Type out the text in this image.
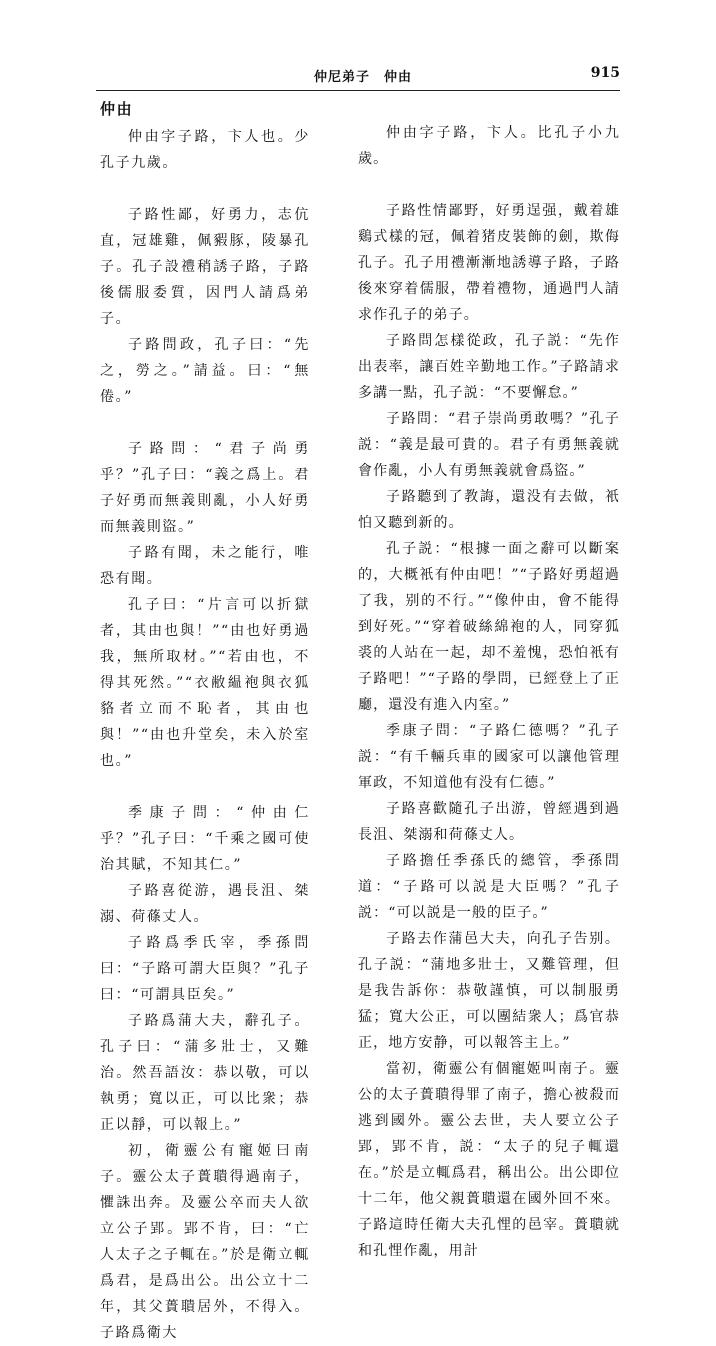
仲尼弟子　仲由	915
仲由

仲由字子路，卞人也。少孔子九歲。

子路性鄙，好勇力，志伉直，冠雄雞，佩豭豚，陵暴孔子。孔子設禮稍誘子路，子路後儒服委質，因門人請爲弟子。

子路問政，孔子曰：“先之，勞之。”請益。曰：“無倦。”

子路問：“君子尚勇乎？”孔子曰：“義之爲上。君子好勇而無義則亂，小人好勇而無義則盜。”

子路有聞，未之能行，唯恐有聞。

孔子曰：“片言可以折獄者，其由也與！”“由也好勇過我，無所取材。”“若由也，不得其死然。”“衣敝緼袍與衣狐貉者立而不恥者，其由也與！”“由也升堂矣，未入於室也。”

季康子問：“仲由仁乎？”孔子曰：“千乘之國可使治其賦，不知其仁。”

子路喜從游，遇長沮、桀溺、荷蓧丈人。

子路爲季氏宰，季孫問曰：“子路可謂大臣與？”孔子曰：“可謂具臣矣。”

子路爲蒲大夫，辭孔子。孔子曰：“蒲多壯士，又難治。然吾語汝：恭以敬，可以執勇；寬以正，可以比衆；恭正以靜，可以報上。”

初，衛靈公有寵姬曰南子。靈公太子蕢聵得過南子，懼誅出奔。及靈公卒而夫人欲立公子郢。郢不肯，曰：“亡人太子之子輒在。”於是衛立輒爲君，是爲出公。出公立十二年，其父蕢聵居外，不得入。子路爲衛大

仲由字子路，卞人。比孔子小九歲。

子路性情鄙野，好勇逞强，戴着雄鷄式樣的冠，佩着猪皮裝飾的劍，欺侮孔子。孔子用禮漸漸地誘導子路，子路後來穿着儒服，帶着禮物，通過門人請求作孔子的弟子。

子路問怎樣從政，孔子説：“先作出表率，讓百姓辛勤地工作。”子路請求多講一點，孔子説：“不要懈怠。”

子路問：“君子崇尚勇敢嗎？”孔子説：“義是最可貴的。君子有勇無義就會作亂，小人有勇無義就會爲盜。”

子路聽到了教誨，還没有去做，衹怕又聽到新的。

孔子説：“根據一面之辭可以斷案的，大概衹有仲由吧！”“子路好勇超過了我，别的不行。”“像仲由，會不能得到好死。”“穿着破絲綿袍的人，同穿狐裘的人站在一起，却不羞愧，恐怕衹有子路吧！”“子路的學問，已經登上了正廳，還没有進入内室。”

季康子問：“子路仁德嗎？”孔子説：“有千輛兵車的國家可以讓他管理軍政，不知道他有没有仁德。”

子路喜歡隨孔子出游，曾經遇到過長沮、桀溺和荷蓧丈人。

子路擔任季孫氏的總管，季孫問道：“子路可以説是大臣嗎？”孔子説：“可以説是一般的臣子。”

子路去作蒲邑大夫，向孔子告别。孔子説：“蒲地多壯士，又難管理，但是我告訴你：恭敬謹慎，可以制服勇猛；寬大公正，可以團結衆人；爲官恭正，地方安静，可以報答主上。”

當初，衛靈公有個寵姬叫南子。靈公的太子蕢聵得罪了南子，擔心被殺而逃到國外。靈公去世，夫人要立公子郢，郢不肯，説：“太子的兒子輒還在。”於是立輒爲君，稱出公。出公即位十二年，他父親蕢聵還在國外回不來。子路這時任衛大夫孔悝的邑宰。蕢聵就和孔悝作亂，用計
